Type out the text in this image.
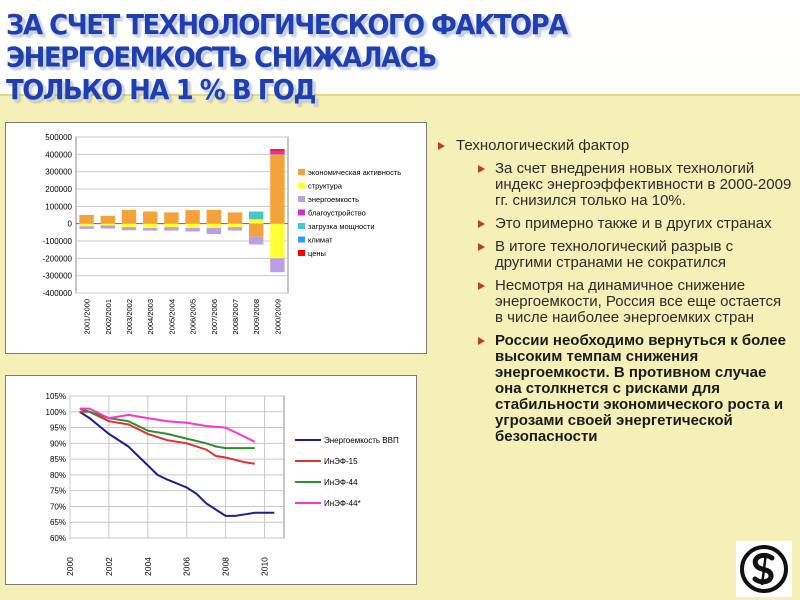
ЗА СЧЕТ ТЕХНОЛОГИЧЕСКОГО ФАКТОРА ЭНЕРГОЕМКОСТЬ СНИЖАЛАСЬ
ТОЛЬКО НА 1 % В ГОД
500000
400000
300000
200000
100000
0
-100000
-200000
-300000
-400000
2001/2000 2002/2001 2003/2002 2004/2003 2005/2004 2006/2005 2007/2006 2008/2007 2009/2008 2000/2009
экономическая активность
структура
энергоемкость
благоустройство
загрузка мощности
климат
цены
105%
100%
95%
90%
85%
80%
75%
70%
65%
60%
2000	2002	2004	2006	2008	2010
Энергоемкость ВВП
ИнЭФ-15
ИнЭФ-44
ИнЭФ-44*
Технологический фактор
За счет внедрения новых технологий индекс энергоэффективности в 2000-2009 гг. снизился только на 10%.
Это примерно также и в других странах
В итоге технологический разрыв с другими странами не сократился
Несмотря на динамичное снижение энергоемкости, Россия все еще остается в числе наиболее энергоемких стран
России необходимо вернуться к более высоким темпам снижения энергоемкости. В противном случае она столкнется с рисками для стабильности экономического роста и угрозами своей энергетической безопасности
